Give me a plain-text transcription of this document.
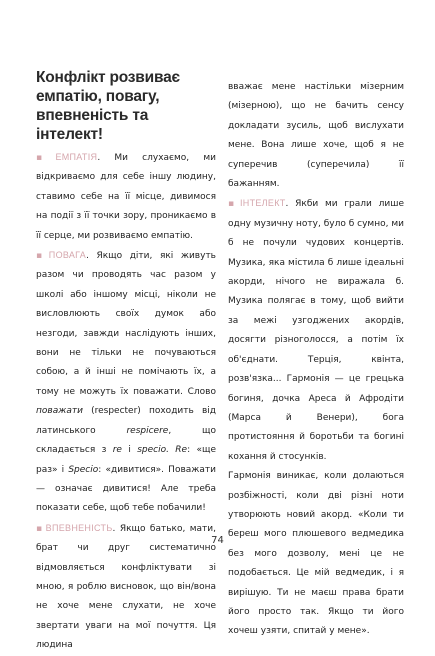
Конфлікт розвиває емпатію, повагу, впевненість та інтелект!
▪ ЕМПАТІЯ. Ми слухаємо, ми відкриваємо для себе іншу людину, ставимо себе на її місце, дивимося на події з її точки зору, проникаємо в її серце, ми розвиваємо емпатію.
▪ ПОВАГА. Якщо діти, які живуть разом чи проводять час разом у школі або іншому місці, ніколи не висловлюють своїх думок або незгоди, завжди наслідують інших, вони не тільки не почуваються собою, а й інші не помічають їх, а тому не можуть їх поважати. Слово поважати (respecter) походить від латинського respicere, що складається з re і specio. Re: «ще раз» і Specio: «дивитися». Поважати — означає дивитися! Але треба показати себе, щоб тебе побачили!
▪ ВПЕВНЕНІСТЬ. Якщо батько, мати, брат чи друг систематично відмовляється конфліктувати зі мною, я роблю висновок, що він/вона не хоче мене слухати, не хоче звертати уваги на мої почуття. Ця людина

вважає мене настільки мізерним (мізерною), що не бачить сенсу докладати зусиль, щоб вислухати мене. Вона лише хоче, щоб я не суперечив (суперечила) її бажанням.

▪ ІНТЕЛЕКТ. Якби ми грали лише одну музичну ноту, було б сумно, ми б не почули чудових концертів. Музика, яка містила б лише ідеальні акорди, нічого не виражала б. Музика полягає в тому, щоб вийти за межі узгоджених акордів, досягти різноголосся, а потім їх об'єднати. Терція, квінта, розв'язка... Гармонія — це грецька богиня, дочка Ареса й Афродіти (Марса й Венери), бога протистояння й боротьби та богині кохання й стосунків.

Гармонія виникає, коли долаються розбіжності, коли дві різні ноти утворюють новий акорд. «Коли ти береш мого плюшевого ведмедика без мого дозволу, мені це не подобається. Це мій ведмедик, і я вирішую. Ти не маєш права брати його просто так. Якщо ти його хочеш узяти, спитай у мене».

74
